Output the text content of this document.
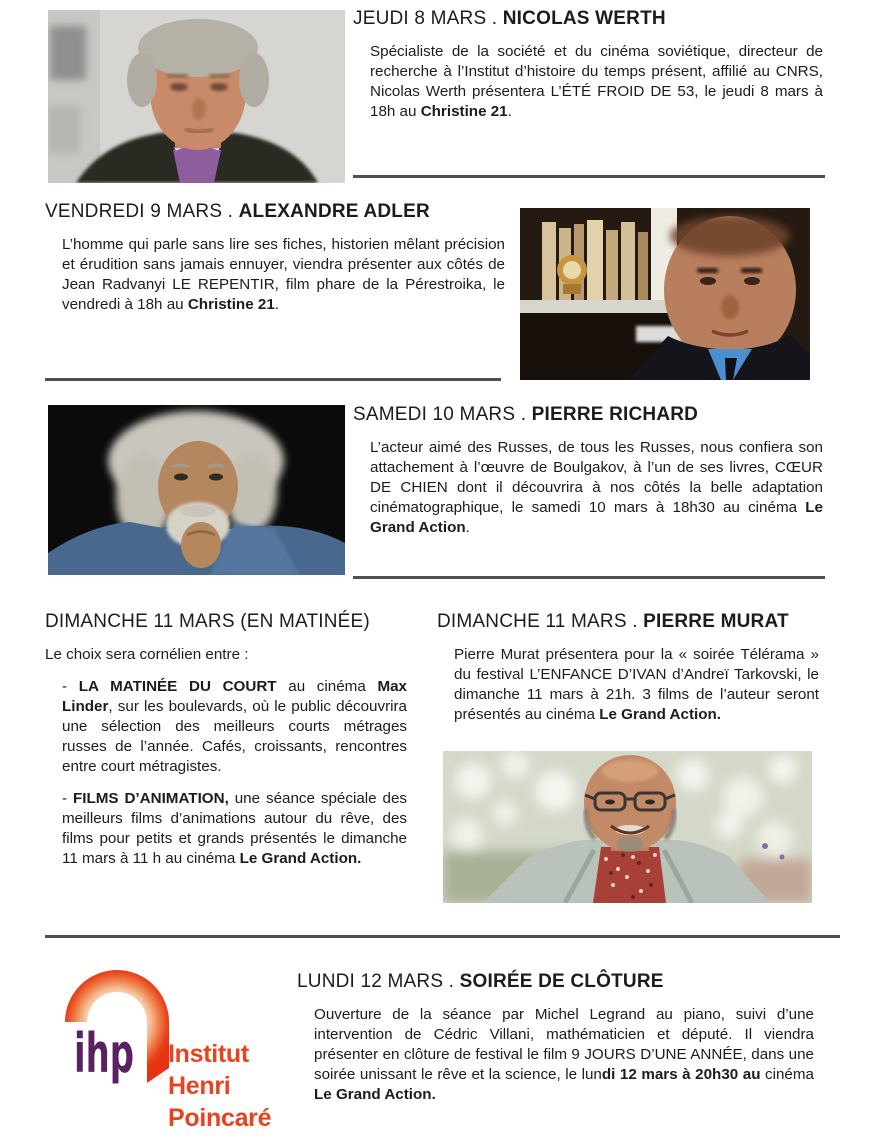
JEUDI 8 MARS . NICOLAS WERTH

Spécialiste de la société et du cinéma soviétique, directeur de recherche à l’Institut d’histoire du temps présent, affilié au CNRS, Nicolas Werth présentera L’ÉTÉ FROID DE 53, le jeudi 8 mars à 18h au Christine 21.

VENDREDI 9 MARS . ALEXANDRE ADLER

L’homme qui parle sans lire ses fiches, historien mêlant précision et érudition sans jamais ennuyer, viendra présenter aux côtés de Jean Radvanyi LE REPENTIR, film phare de la Pérestroika, le vendredi à 18h au Christine 21.

SAMEDI 10 MARS . PIERRE RICHARD

L’acteur aimé des Russes, de tous les Russes, nous confiera son attachement à l’œuvre de Boulgakov, à l’un de ses livres, CŒUR DE CHIEN dont il découvrira à nos côtés la belle adaptation cinématographique, le samedi 10 mars à 18h30 au cinéma Le Grand Action.

DIMANCHE 11 MARS (EN MATINÉE)

Le choix sera cornélien entre :

- LA MATINÉE DU COURT au cinéma Max Linder, sur les boulevards, où le public découvrira une sélection des meilleurs courts métrages russes de l’année. Cafés, croissants, rencontres entre court métragistes.

- FILMS D’ANIMATION, une séance spéciale des meilleurs films d’animations autour du rêve, des films pour petits et grands présentés le dimanche 11 mars à 11 h au cinéma Le Grand Action.

DIMANCHE 11 MARS . PIERRE MURAT

Pierre Murat présentera pour la « soirée Télérama » du festival L’ENFANCE D’IVAN d’Andreï Tarkovski, le dimanche 11 mars à 21h. 3 films de l’auteur seront présentés au cinéma Le Grand Action.

ihp Institut
Henri
Poincaré
LUNDI 12 MARS . SOIRÉE DE CLÔTURE

Ouverture de la séance par Michel Legrand au piano, suivi d’une intervention de Cédric Villani, mathématicien et député. Il viendra présenter en clôture de festival le film 9 JOURS D’UNE ANNÉE, dans une soirée unissant le rêve et la science, le lundi 12 mars à 20h30 au cinéma Le Grand Action.
